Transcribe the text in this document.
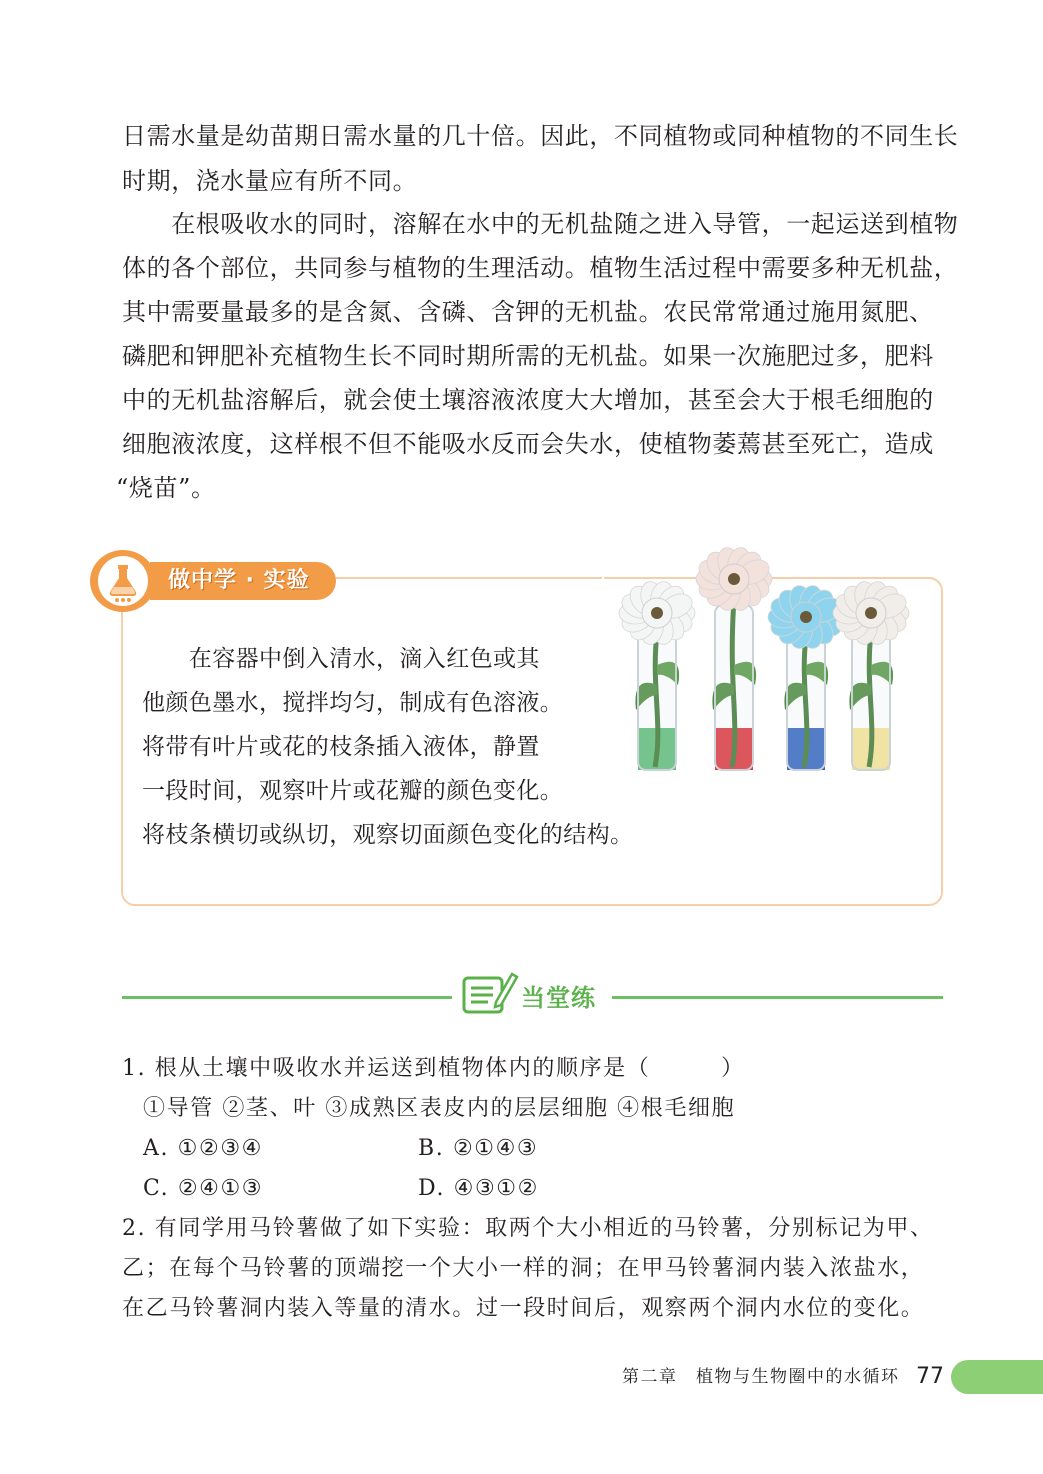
日需水量是幼苗期日需水量的几十倍。因此，不同植物或同种植物的不同生长
时期，浇水量应有所不同。
　　在根吸收水的同时，溶解在水中的无机盐随之进入导管，一起运送到植物
体的各个部位，共同参与植物的生理活动。植物生活过程中需要多种无机盐，
其中需要量最多的是含氮、含磷、含钾的无机盐。农民常常通过施用氮肥、
磷肥和钾肥补充植物生长不同时期所需的无机盐。如果一次施肥过多，肥料
中的无机盐溶解后，就会使土壤溶液浓度大大增加，甚至会大于根毛细胞的
细胞液浓度，这样根不但不能吸水反而会失水，使植物萎蔫甚至死亡，造成
“烧苗”。
做中学 · 实验
　　在容器中倒入清水，滴入红色或其
他颜色墨水，搅拌均匀，制成有色溶液。
将带有叶片或花的枝条插入液体，静置
一段时间，观察叶片或花瓣的颜色变化。
将枝条横切或纵切，观察切面颜色变化的结构。
当堂练
1. 根从土壤中吸收水并运送到植物体内的顺序是（　　　）
①导管 ②茎、叶 ③成熟区表皮内的层层细胞 ④根毛细胞
A. ①②③④	B. ②①④③
C. ②④①③	D. ④③①②
2. 有同学用马铃薯做了如下实验：取两个大小相近的马铃薯，分别标记为甲、
乙；在每个马铃薯的顶端挖一个大小一样的洞；在甲马铃薯洞内装入浓盐水，
在乙马铃薯洞内装入等量的清水。过一段时间后，观察两个洞内水位的变化。
第二章　植物与生物圈中的水循环 77
